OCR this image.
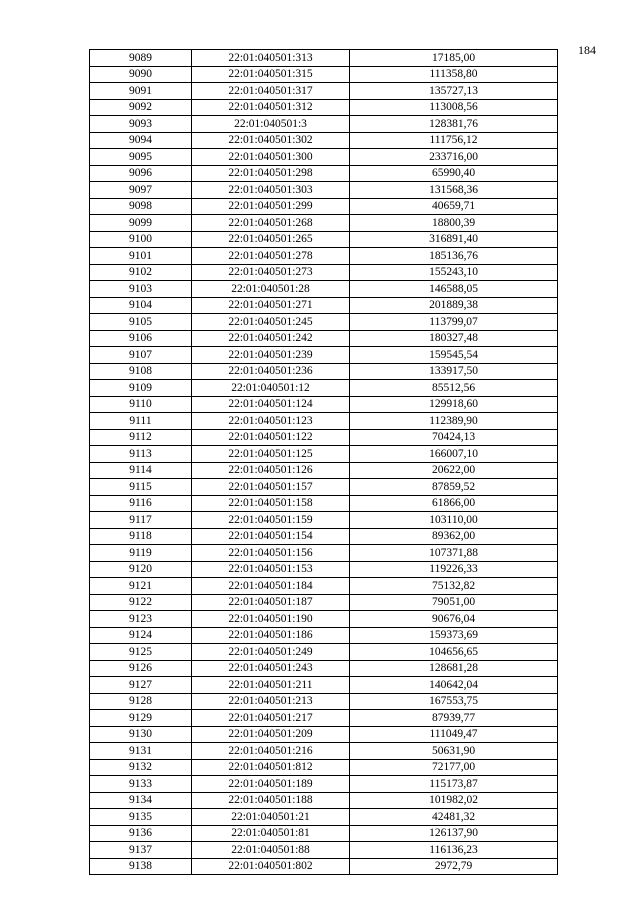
184
9089	22:01:040501:313	17185,00
9090	22:01:040501:315	111358,80
9091	22:01:040501:317	135727,13
9092	22:01:040501:312	113008,56
9093	22:01:040501:3	128381,76
9094	22:01:040501:302	111756,12
9095	22:01:040501:300	233716,00
9096	22:01:040501:298	65990,40
9097	22:01:040501:303	131568,36
9098	22:01:040501:299	40659,71
9099	22:01:040501:268	18800,39
9100	22:01:040501:265	316891,40
9101	22:01:040501:278	185136,76
9102	22:01:040501:273	155243,10
9103	22:01:040501:28	146588,05
9104	22:01:040501:271	201889,38
9105	22:01:040501:245	113799,07
9106	22:01:040501:242	180327,48
9107	22:01:040501:239	159545,54
9108	22:01:040501:236	133917,50
9109	22:01:040501:12	85512,56
9110	22:01:040501:124	129918,60
9111	22:01:040501:123	112389,90
9112	22:01:040501:122	70424,13
9113	22:01:040501:125	166007,10
9114	22:01:040501:126	20622,00
9115	22:01:040501:157	87859,52
9116	22:01:040501:158	61866,00
9117	22:01:040501:159	103110,00
9118	22:01:040501:154	89362,00
9119	22:01:040501:156	107371,88
9120	22:01:040501:153	119226,33
9121	22:01:040501:184	75132,82
9122	22:01:040501:187	79051,00
9123	22:01:040501:190	90676,04
9124	22:01:040501:186	159373,69
9125	22:01:040501:249	104656,65
9126	22:01:040501:243	128681,28
9127	22:01:040501:211	140642,04
9128	22:01:040501:213	167553,75
9129	22:01:040501:217	87939,77
9130	22:01:040501:209	111049,47
9131	22:01:040501:216	50631,90
9132	22:01:040501:812	72177,00
9133	22:01:040501:189	115173,87
9134	22:01:040501:188	101982,02
9135	22:01:040501:21	42481,32
9136	22:01:040501:81	126137,90
9137	22:01:040501:88	116136,23
9138	22:01:040501:802	2972,79
